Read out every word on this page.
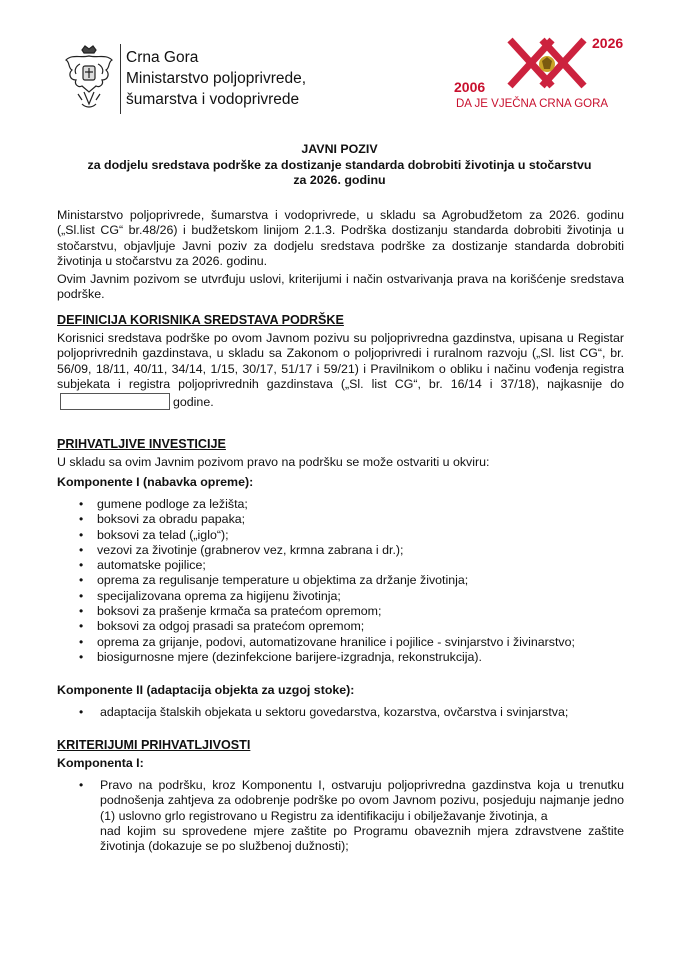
Crna Gora
Ministarstvo poljoprivrede,
šumarstva i vodoprivrede
2006
2026
DA JE VJEČNA CRNA GORA
JAVNI POZIV
za dodjelu sredstava podrške za dostizanje standarda dobrobiti životinja u stočarstvu
za 2026. godinu
Ministarstvo poljoprivrede, šumarstva i vodoprivrede, u skladu sa Agrobudžetom za 2026. godinu („Sl.list CG“ br.48/26) i budžetskom linijom 2.1.3. Podrška dostizanju standarda dobrobiti životinja u stočarstvu, objavljuje Javni poziv za dodjelu sredstava podrške za dostizanje standarda dobrobiti životinja u stočarstvu za 2026. godinu.
Ovim Javnim pozivom se utvrđuju uslovi, kriterijumi i način ostvarivanja prava na korišćenje sredstava podrške.
DEFINICIJA KORISNIKA SREDSTAVA PODRŠKE
Korisnici sredstava podrške po ovom Javnom pozivu su poljoprivredna gazdinstva, upisana u Registar poljoprivrednih gazdinstava, u skladu sa Zakonom o poljoprivredi i ruralnom razvoju („Sl. list CG“, br. 56/09, 18/11, 40/11, 34/14, 1/15, 30/17, 51/17 i 59/21) i Pravilnikom o obliku i načinu vođenja registra subjekata i registra poljoprivrednih gazdinstava („Sl. list CG“, br. 16/14 i 37/18), najkasnije dogodine.
PRIHVATLJIVE INVESTICIJE
U skladu sa ovim Javnim pozivom pravo na podršku se može ostvariti u okviru:
Komponente I (nabavka opreme):
• gumene podloge za ležišta;
• boksovi za obradu papaka;
• boksovi za telad („iglo“);
• vezovi za životinje (grabnerov vez, krmna zabrana i dr.);
• automatske pojilice;
• oprema za regulisanje temperature u objektima za držanje životinja;
• specijalizovana oprema za higijenu životinja;
• boksovi za prašenje krmača sa pratećom opremom;
• boksovi za odgoj prasadi sa pratećom opremom;
• oprema za grijanje, podovi, automatizovane hranilice i pojilice - svinjarstvo i živinarstvo;
• biosigurnosne mjere (dezinfekcione barijere-izgradnja, rekonstrukcija).
Komponente II (adaptacija objekta za uzgoj stoke):
• adaptacija štalskih objekata u sektoru govedarstva, kozarstva, ovčarstva i svinjarstva;
KRITERIJUMI PRIHVATLJIVOSTI
Komponenta I:
• Pravo na podršku, kroz Komponentu I, ostvaruju poljoprivredna gazdinstva koja u trenutku podnošenja zahtjeva za odobrenje podrške po ovom Javnom pozivu, posjeduju najmanje jedno (1) uslovno grlo registrovano u Registru za identifikaciju i obilježavanje životinja, a
nad kojim su sprovedene mjere zaštite po Programu obaveznih mjera zdravstvene zaštite životinja (dokazuje se po službenoj dužnosti);
